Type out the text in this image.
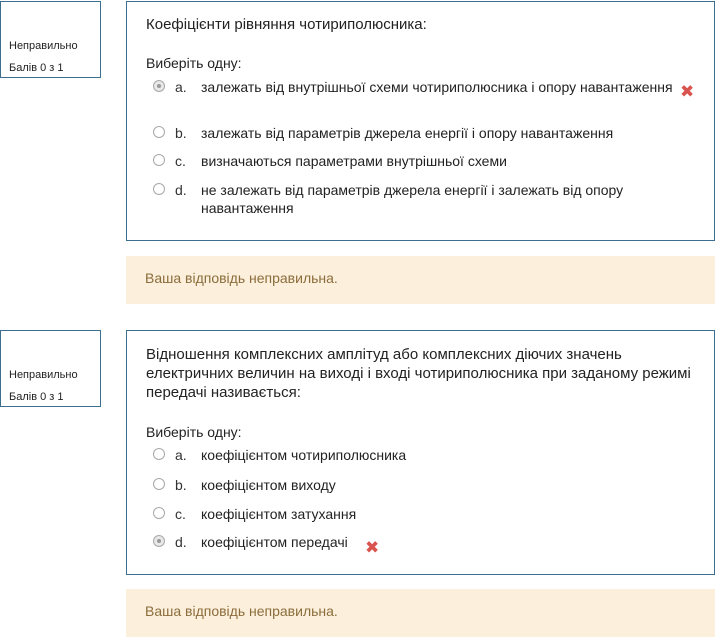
Неправильно
Балів 0 з 1
Коефіцієнти рівняння чотириполюсника:
Виберіть одну:
a. залежать від внутрішньої схеми чотириполюсника і опору навантаження ✖
b. залежать від параметрів джерела енергії і опору навантаження
c. визначаються параметрами внутрішньої схеми
d. не залежать від параметрів джерела енергії і залежать від опору навантаження
Ваша відповідь неправильна.
Неправильно
Балів 0 з 1
Відношення комплексних амплітуд або комплексних діючих значень електричних величин на виході і вході чотириполюсника при заданому режимі передачі називається:
Виберіть одну:
a. коефіцієнтом чотириполюсника
b. коефіцієнтом виходу
c. коефіцієнтом затухання
d. коефіцієнтом передачі ✖
Ваша відповідь неправильна.
